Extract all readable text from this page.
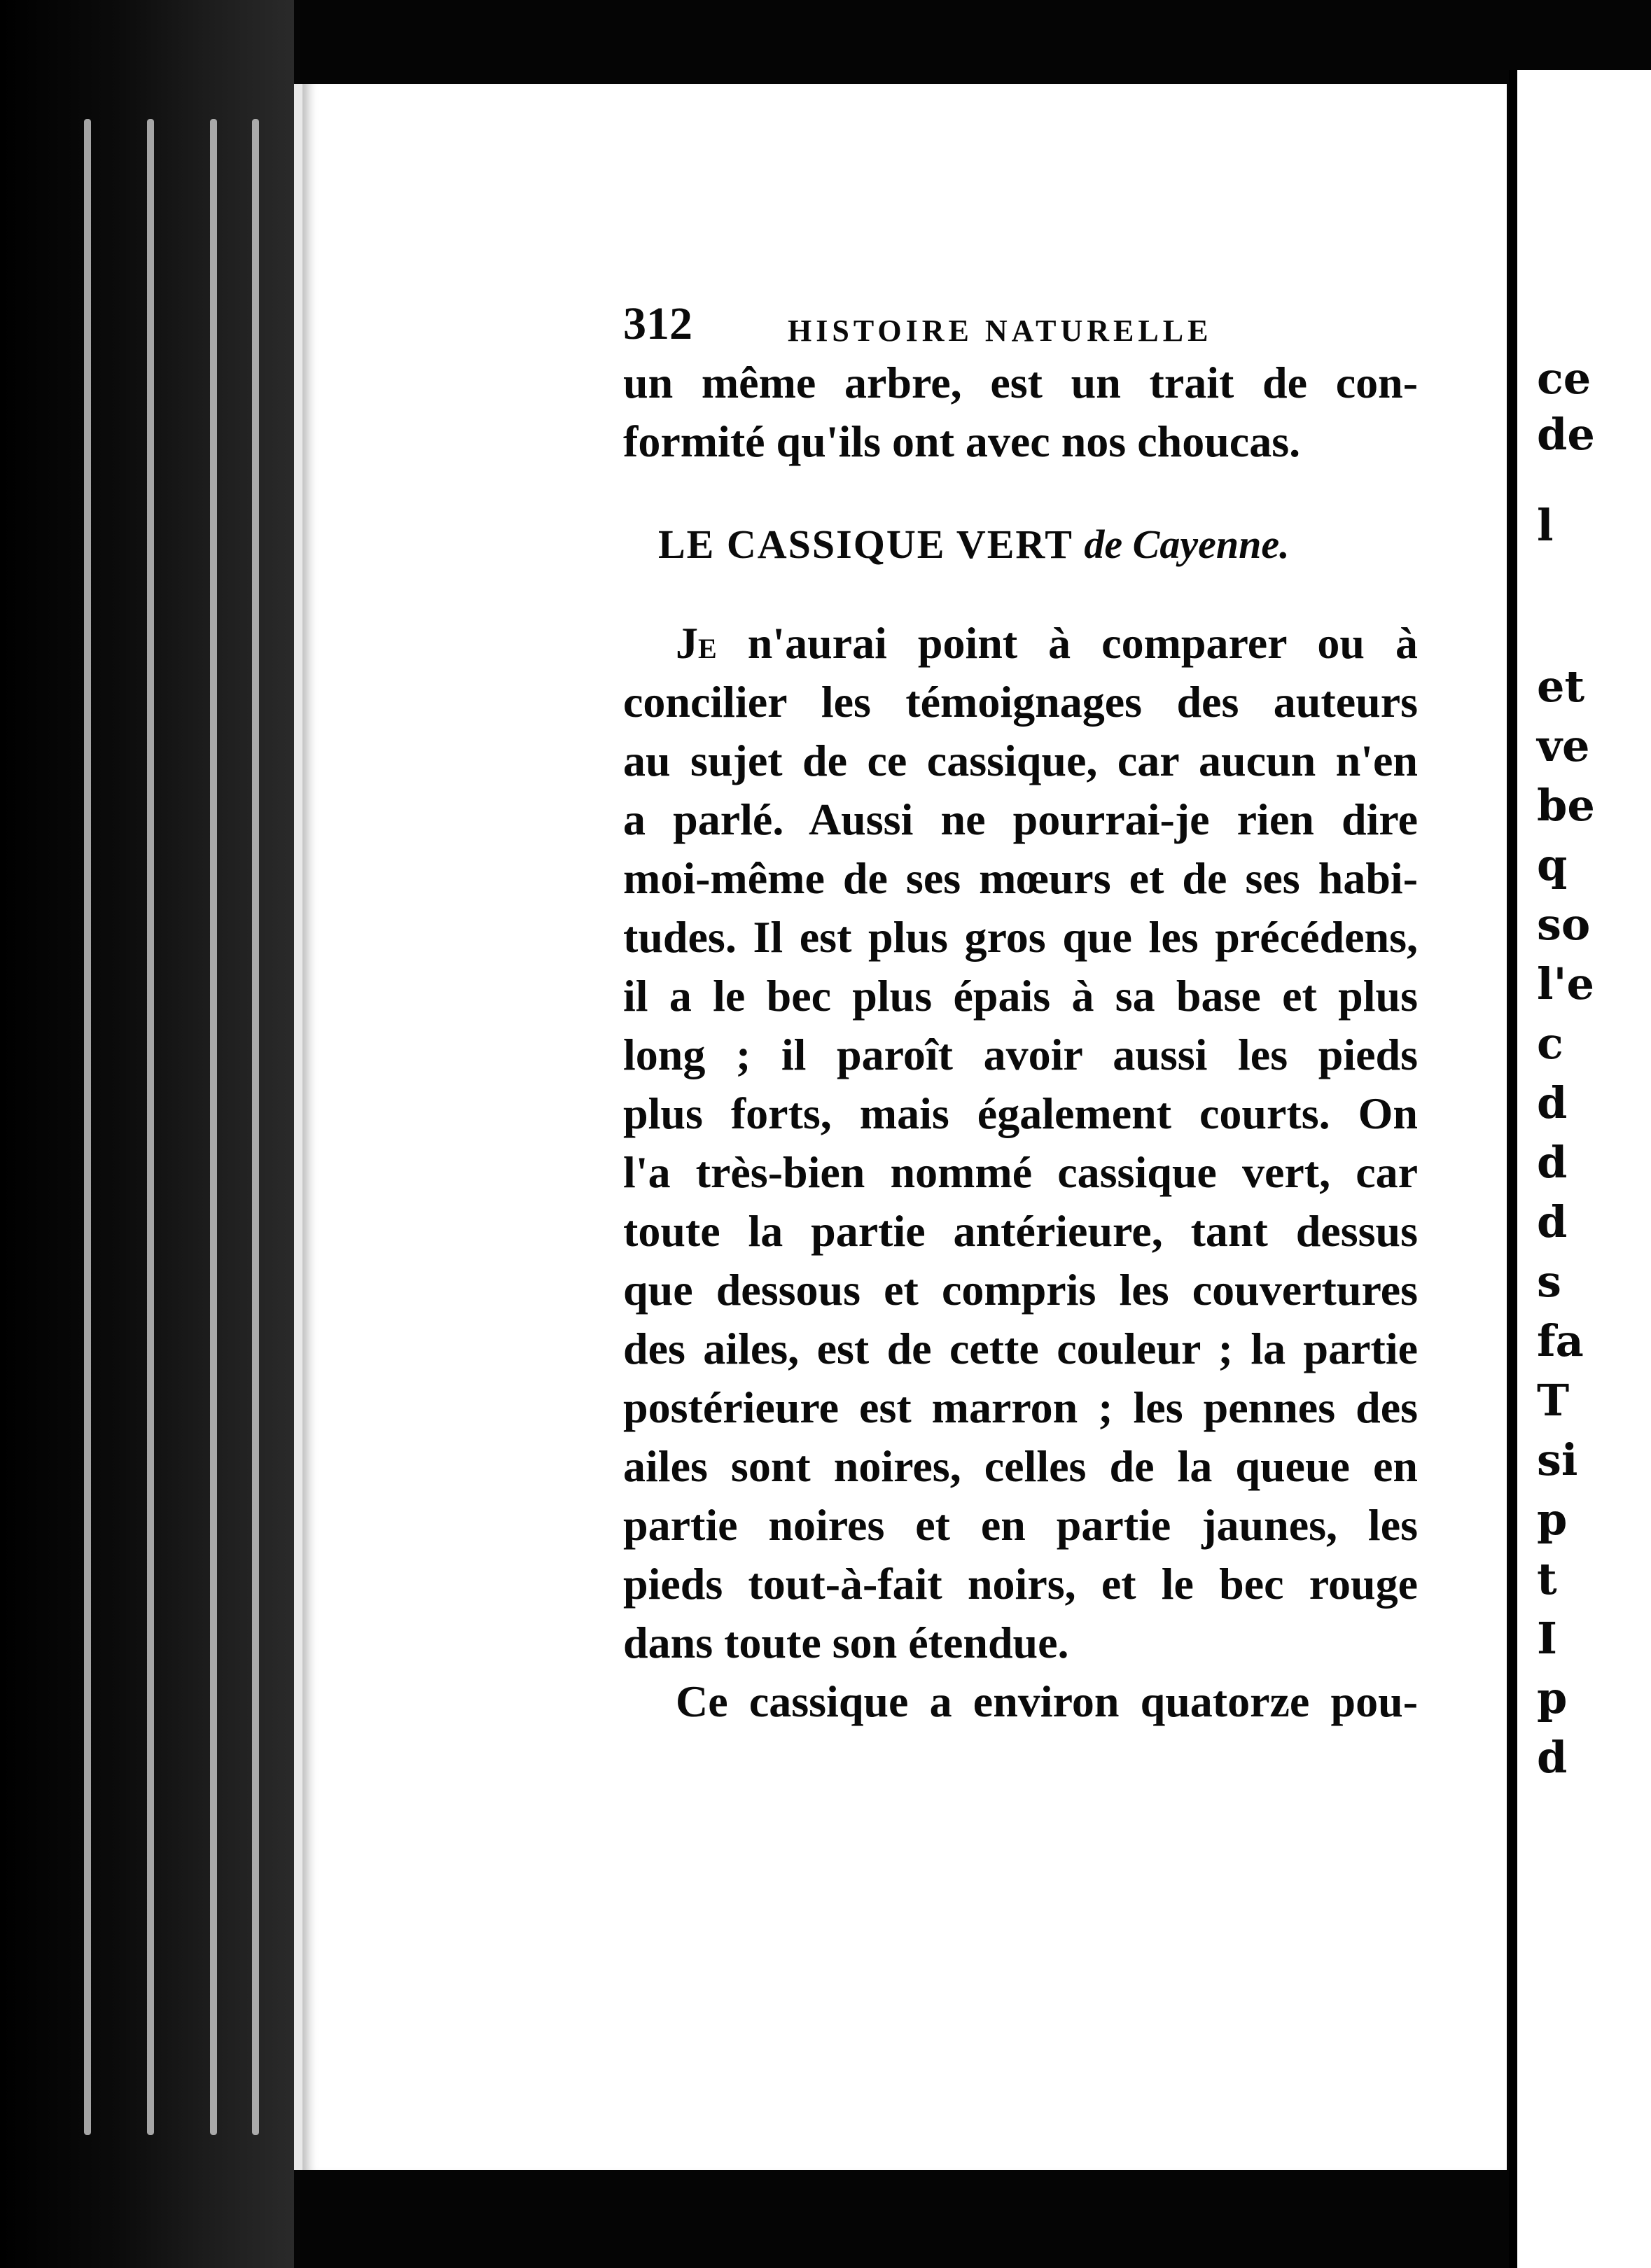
312	HISTOIRE NATURELLE
un même arbre, est un trait de con-
formité qu'ils ont avec nos choucas.
LE CASSIQUE VERT de Cayenne.
JE n'aurai point à comparer ou à
concilier les témoignages des auteurs
au sujet de ce cassique, car aucun n'en
a parlé. Aussi ne pourrai-je rien dire
moi-même de ses mœurs et de ses habi-
tudes. Il est plus gros que les précédens,
il a le bec plus épais à sa base et plus
long ; il paroît avoir aussi les pieds
plus forts, mais également courts. On
l'a très-bien nommé cassique vert, car
toute la partie antérieure, tant dessus
que dessous et compris les couvertures
des ailes, est de cette couleur ; la partie
postérieure est marron ; les pennes des
ailes sont noires, celles de la queue en
partie noires et en partie jaunes, les
pieds tout-à-fait noirs, et le bec rouge
dans toute son étendue.
Ce cassique a environ quatorze pou-
ce
de
l
et
ve
be
q
so
l'e
c
d
d
d
s
fa
T
si
p
t
I
p
d
